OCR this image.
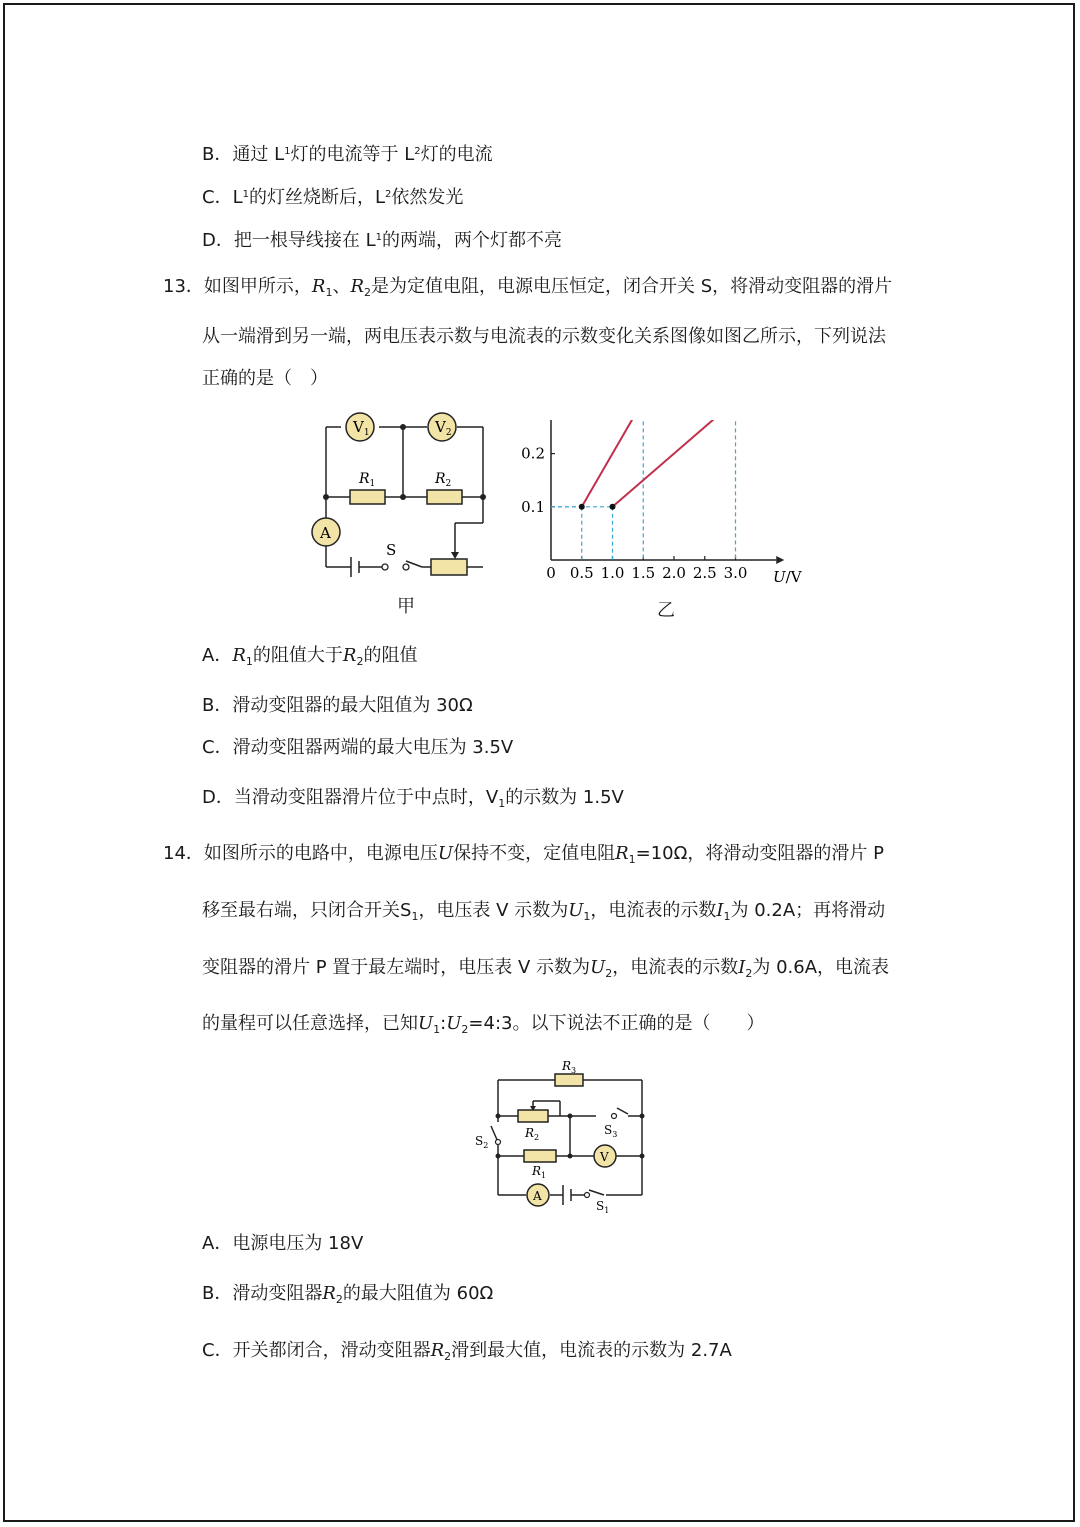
B．通过 $L^1$灯的电流等于 $L^2$灯的电流
C．$L^1$的灯丝烧断后，$L^2$依然发光
D．把一根导线接在 $L^1$的两端，两个灯都不亮
13．如图甲所示，$R_1$、$R_2$是为定值电阻，电源电压恒定，闭合开关 S，将滑动变阻器的滑片
从一端滑到另一端，两电压表示数与电流表的示数变化关系图像如图乙所示，下列说法
正确的是（　）
$V_1$	$V_2$
$R_1$	$R_2$
A
S
甲
U/V
0 0.5 1.0 1.5 2.0 2.5 3.0
0.1
0.2
乙
A．$R_1$的阻值大于$R_2$的阻值
B．滑动变阻器的最大阻值为 30Ω
C．滑动变阻器两端的最大电压为 3.5V
D．当滑动变阻器滑片位于中点时，$V_1$的示数为 1.5V
14．如图所示的电路中，电源电压U保持不变，定值电阻$R_1=10\Omega$，将滑动变阻器的滑片 P
移至最右端，只闭合开关$S_1$，电压表 V 示数为$U_1$，电流表的示数$I_1$为 0.2A；再将滑动
变阻器的滑片 P 置于最左端时，电压表 V 示数为$U_2$，电流表的示数$I_2$为 0.6A，电流表
的量程可以任意选择，已知$U_1:U_2=4:3$。以下说法不正确的是（　　）
$R_3$
$R_2$
$R_1$
$S_2$
$S_3$
$S_1$
V
A
A．电源电压为 18V
B．滑动变阻器$R_2$的最大阻值为 60Ω
C．开关都闭合，滑动变阻器$R_2$滑到最大值，电流表的示数为 2.7A
